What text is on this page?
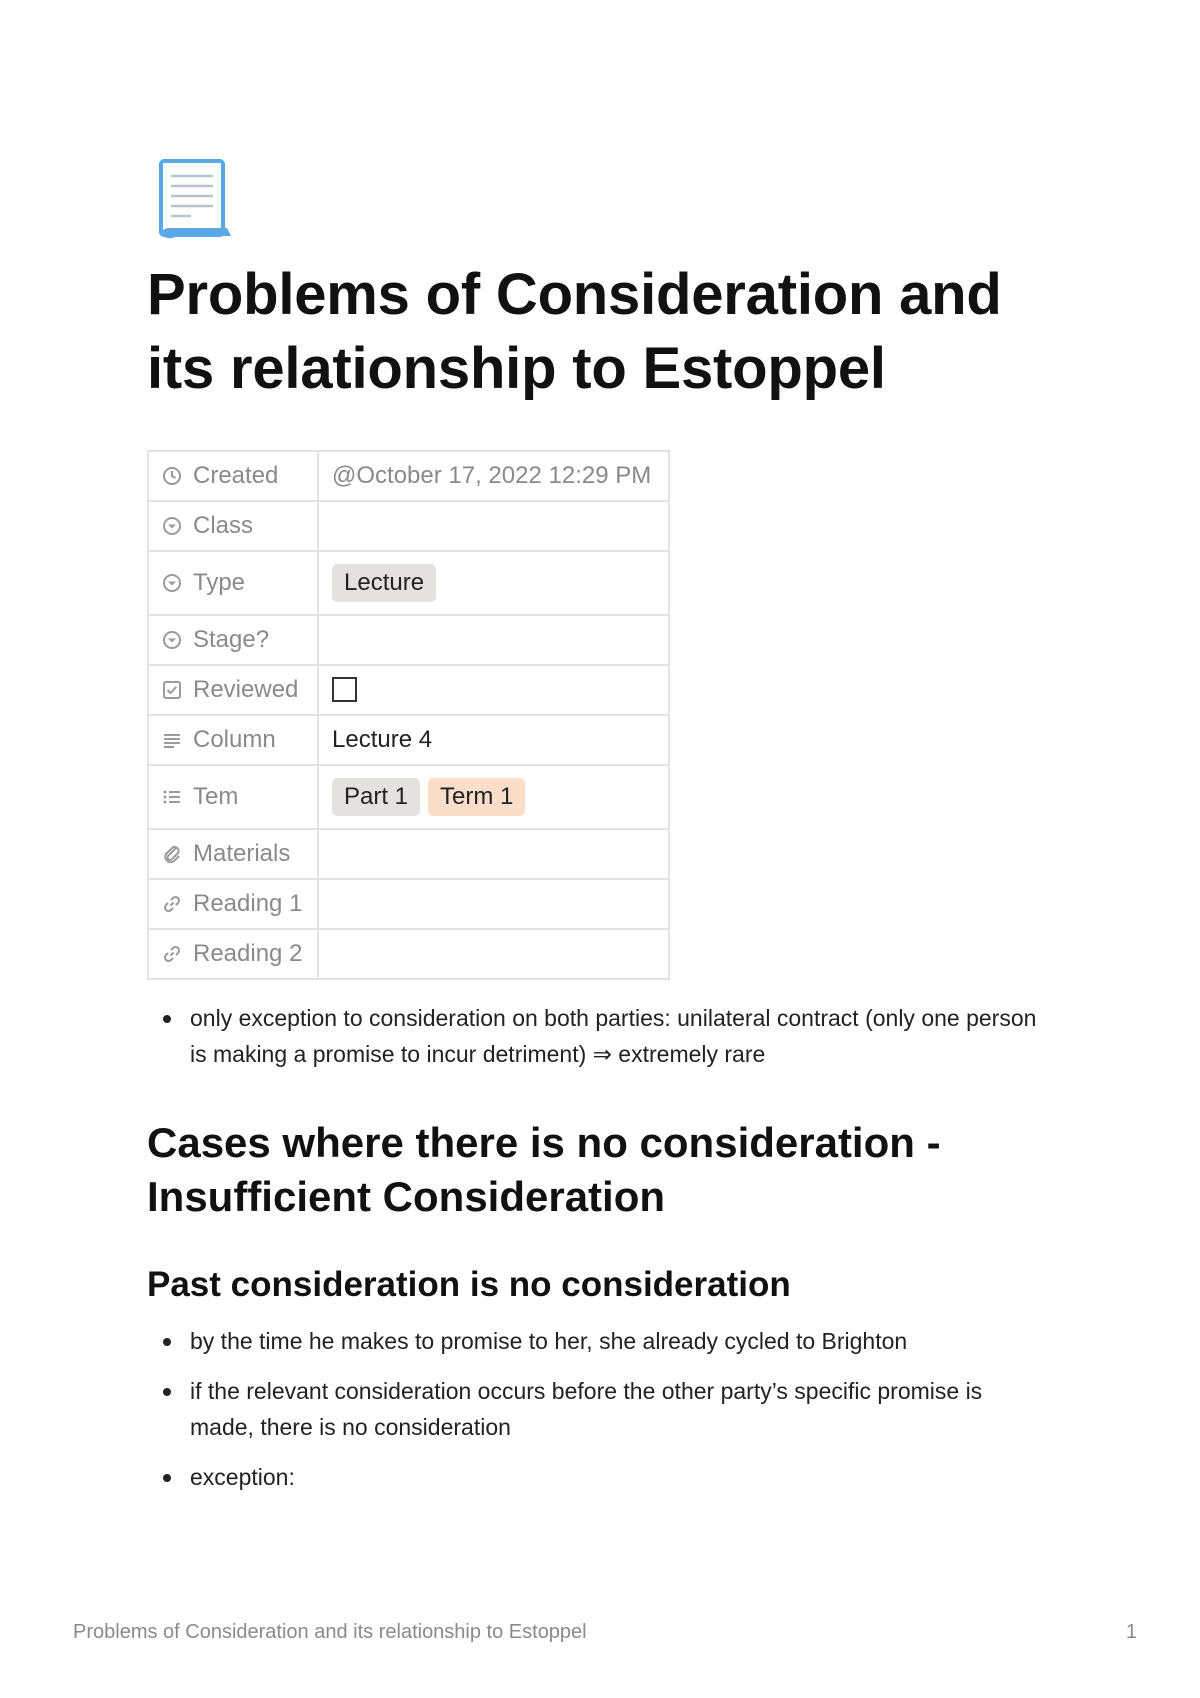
Problems of Consideration and its relationship to Estoppel
Created	@October 17, 2022 12:29 PM

Class	

Type	Lecture

Stage?	

Reviewed	

Column	Lecture 4

Tem	Part 1 Term 1

Materials	

Reading 1	

Reading 2	
only exception to consideration on both parties: unilateral contract (only one person is making a promise to incur detriment) ⇒ extremely rare
Cases where there is no consideration - Insufficient Consideration
Past consideration is no consideration
by the time he makes to promise to her, she already cycled to Brighton
if the relevant consideration occurs before the other party’s specific promise is made, there is no consideration
exception:
Problems of Consideration and its relationship to Estoppel	1
